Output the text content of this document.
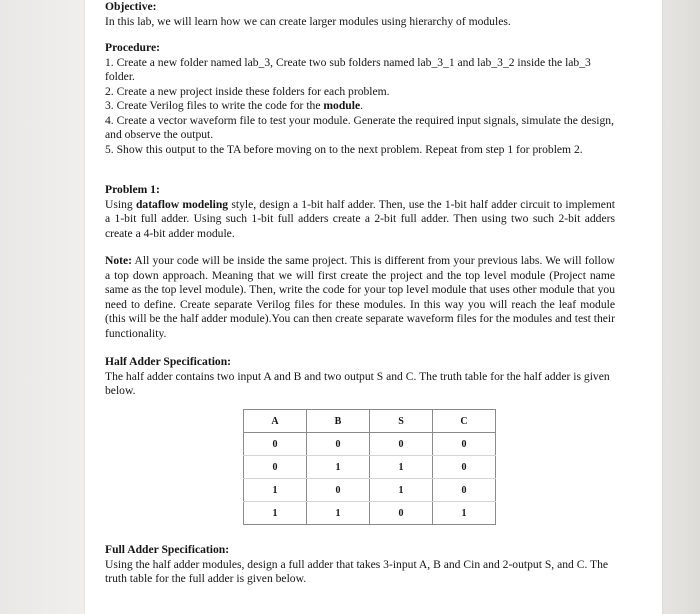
Objective:

In this lab, we will learn how we can create larger modules using hierarchy of modules.

Procedure:

1. Create a new folder named lab_3, Create two sub folders named lab_3_1 and lab_3_2 inside the lab_3 folder.

2. Create a new project inside these folders for each problem.

3. Create Verilog files to write the code for the module.

4. Create a vector waveform file to test your module. Generate the required input signals, simulate the design, and observe the output.

5. Show this output to the TA before moving on to the next problem. Repeat from step 1 for problem 2.

Problem 1:

Using dataflow modeling style, design a 1-bit half adder. Then, use the 1-bit half adder circuit to implement a 1-bit full adder. Using such 1-bit full adders create a 2-bit full adder. Then using two such 2-bit adders create a 4-bit adder module.

Note: All your code will be inside the same project. This is different from your previous labs. We will follow a top down approach. Meaning that we will first create the project and the top level module (Project name same as the top level module). Then, write the code for your top level module that uses other module that you need to define. Create separate Verilog files for these modules. In this way you will reach the leaf module (this will be the half adder module).You can then create separate waveform files for the modules and test their functionality.

Half Adder Specification:

The half adder contains two input A and B and two output S and C. The truth table for the half adder is given below.

A	B	S	C
0	0	0	0
0	1	1	0
1	0	1	0
1	1	0	1

Full Adder Specification:

Using the half adder modules, design a full adder that takes 3-input A, B and Cin and 2-output S, and C. The truth table for the full adder is given below.
